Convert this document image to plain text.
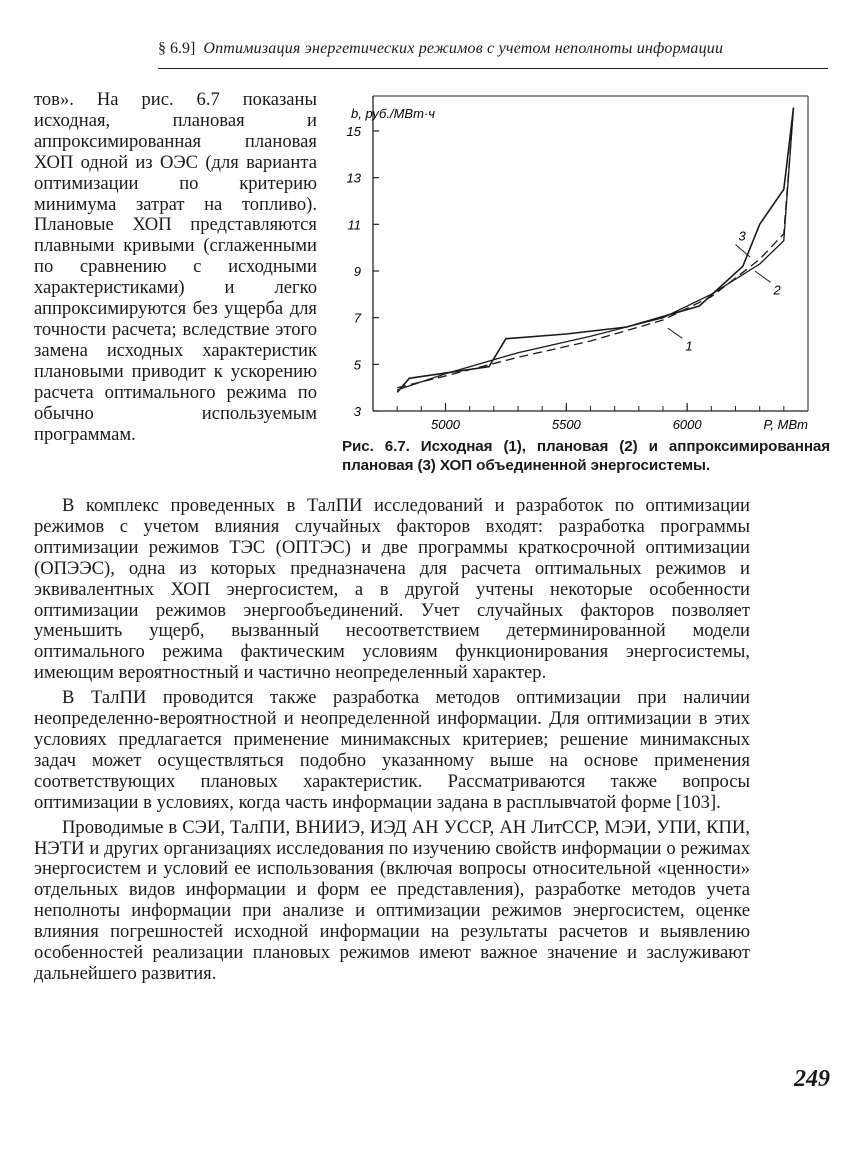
§ 6.9] Оптимизация энергетических режимов с учетом неполноты информации

тов». На рис. 6.7 показаны исходная, плановая и аппроксимированная плановая ХОП одной из ОЭС (для варианта оптимизации по критерию минимума затрат на топливо). Плановые ХОП представляются плавными кривыми (сглаженными по сравнению с исходными характеристиками) и легко аппроксимируются без ущерба для точности расчета; вследствие этого замена исходных характеристик плановыми приводит к ускорению расчета оптимального режима по обычно используемым программам.

3
5
7
9
11
13
15
5000	5500	6000
b, руб./МВт·ч
P, МВт
1
2
3
Рис. 6.7. Исходная (1), плановая (2) и аппроксимированная плановая (3) ХОП объединенной энергосистемы.

В комплекс проведенных в ТалПИ исследований и разработок по оптимизации режимов с учетом влияния случайных факторов входят: разработка программы оптимизации режимов ТЭС (ОПТЭС) и две программы краткосрочной оптимизации (ОПЭЭС), одна из которых предназначена для расчета оптимальных режимов и эквивалентных ХОП энергосистем, а в другой учтены некоторые особенности оптимизации режимов энергообъединений. Учет случайных факторов позволяет уменьшить ущерб, вызванный несоответствием детерминированной модели оптимального режима фактическим условиям функционирования энергосистемы, имеющим вероятностный и частично неопределенный характер.

В ТалПИ проводится также разработка методов оптимизации при наличии неопределенно-вероятностной и неопределенной информации. Для оптимизации в этих условиях предлагается применение минимаксных критериев; решение минимаксных задач может осуществляться подобно указанному выше на основе применения соответствующих плановых характеристик. Рассматриваются также вопросы оптимизации в условиях, когда часть информации задана в расплывчатой форме [103].

Проводимые в СЭИ, ТалПИ, ВНИИЭ, ИЭД АН УССР, АН ЛитССР, МЭИ, УПИ, КПИ, НЭТИ и других организациях исследования по изучению свойств информации о режимах энергосистем и условий ее использования (включая вопросы относительной «ценности» отдельных видов информации и форм ее представления), разработке методов учета неполноты информации при анализе и оптимизации режимов энергосистем, оценке влияния погрешностей исходной информации на результаты расчетов и выявлению особенностей реализации плановых режимов имеют важное значение и заслуживают дальнейшего развития.

249
